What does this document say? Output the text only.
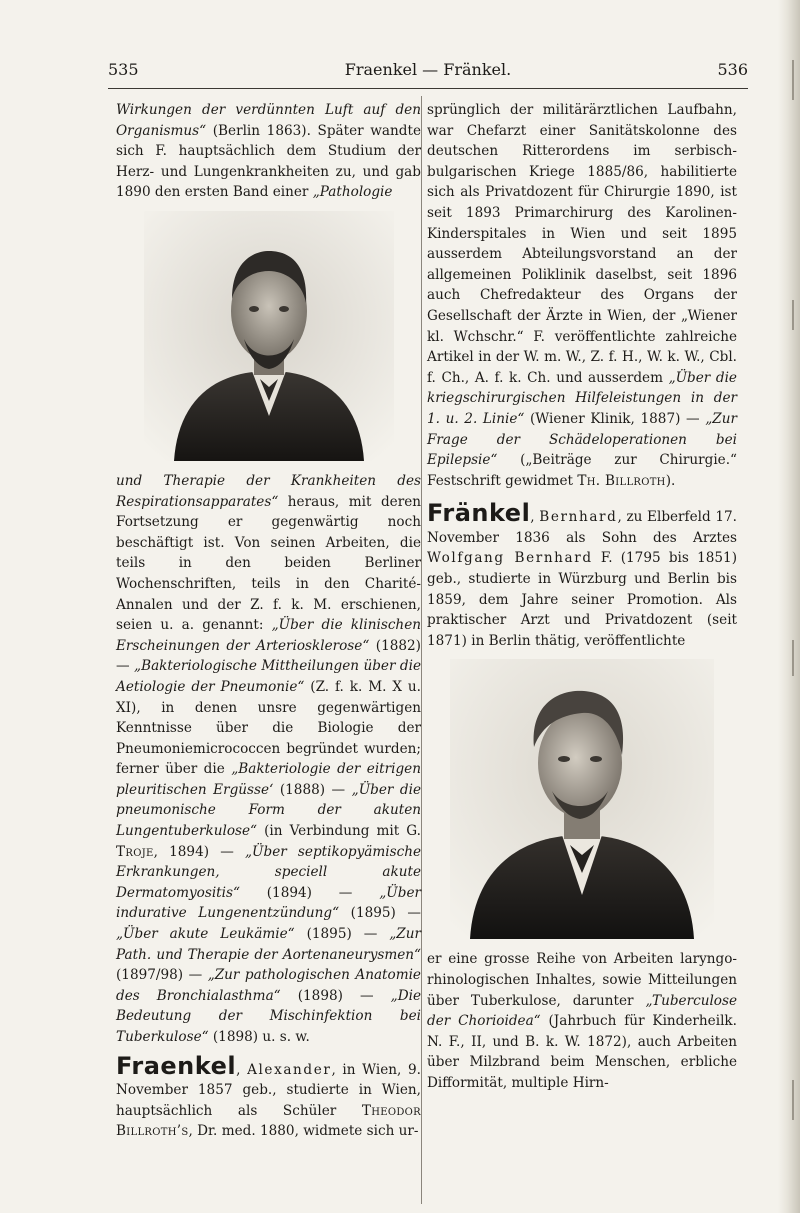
535	Fraenkel — Fränkel.	536

Wirkungen der verdünnten Luft auf den Organismus“ (Berlin 1863). Später wandte sich F. hauptsächlich dem Studium der Herz- und Lungenkrankheiten zu, und gab 1890 den ersten Band einer „Pathologie

und Therapie der Krankheiten des Respirationsapparates“ heraus, mit deren Fortsetzung er gegenwärtig noch beschäftigt ist. Von seinen Arbeiten, die teils in den beiden Berliner Wochenschriften, teils in den Charité-Annalen und der Z. f. k. M. erschienen, seien u. a. genannt: „Über die klinischen Erscheinungen der Arteriosklerose“ (1882) — „Bakteriologische Mittheilungen über die Aetiologie der Pneumonie“ (Z. f. k. M. X u. XI), in denen unsre gegenwärtigen Kenntnisse über die Biologie der Pneumoniemicrococcen begründet wurden; ferner über die „Bakteriologie der eitrigen pleuritischen Ergüsse‘ (1888) — „Über die pneumonische Form der akuten Lungentuberkulose“ (in Verbindung mit G. Troje, 1894) — „Über septikopyämische Erkrankungen, speciell akute Dermatomyositis“ (1894) — „Über indurative Lungenentzündung“ (1895) — „Über akute Leukämie“ (1895) — „Zur Path. und Therapie der Aortenaneurysmen“ (1897/98) — „Zur pathologischen Anatomie des Bronchialasthma“ (1898) — „Die Bedeutung der Mischinfektion bei Tuberkulose“ (1898) u. s. w.

Fraenkel, Alexander, in Wien, 9. November 1857 geb., studierte in Wien, hauptsächlich als Schüler Theodor Billroth’s, Dr. med. 1880, widmete sich ur-

sprünglich der militärärztlichen Laufbahn, war Chefarzt einer Sanitätskolonne des deutschen Ritterordens im serbisch-bulgarischen Kriege 1885/86, habilitierte sich als Privatdozent für Chirurgie 1890, ist seit 1893 Primarchirurg des Karolinen-Kinderspitales in Wien und seit 1895 ausserdem Abteilungsvorstand an der allgemeinen Poliklinik daselbst, seit 1896 auch Chefredakteur des Organs der Gesellschaft der Ärzte in Wien, der „Wiener kl. Wchschr.“ F. veröffentlichte zahlreiche Artikel in der W. m. W., Z. f. H., W. k. W., Cbl. f. Ch., A. f. k. Ch. und ausserdem „Über die kriegschirurgischen Hilfeleistungen in der 1. u. 2. Linie“ (Wiener Klinik, 1887) — „Zur Frage der Schädeloperationen bei Epilepsie“ („Beiträge zur Chirurgie.“ Festschrift gewidmet Th. Billroth).

Fränkel, Bernhard, zu Elberfeld 17. November 1836 als Sohn des Arztes Wolfgang Bernhard F. (1795 bis 1851) geb., studierte in Würzburg und Berlin bis 1859, dem Jahre seiner Promotion. Als praktischer Arzt und Privatdozent (seit 1871) in Berlin thätig, veröffentlichte

er eine grosse Reihe von Arbeiten laryngo-rhinologischen Inhaltes, sowie Mitteilungen über Tuberkulose, darunter „Tuberculose der Chorioidea“ (Jahrbuch für Kinderheilk. N. F., II, und B. k. W. 1872), auch Arbeiten über Milzbrand beim Menschen, erbliche Difformität, multiple Hirn-
